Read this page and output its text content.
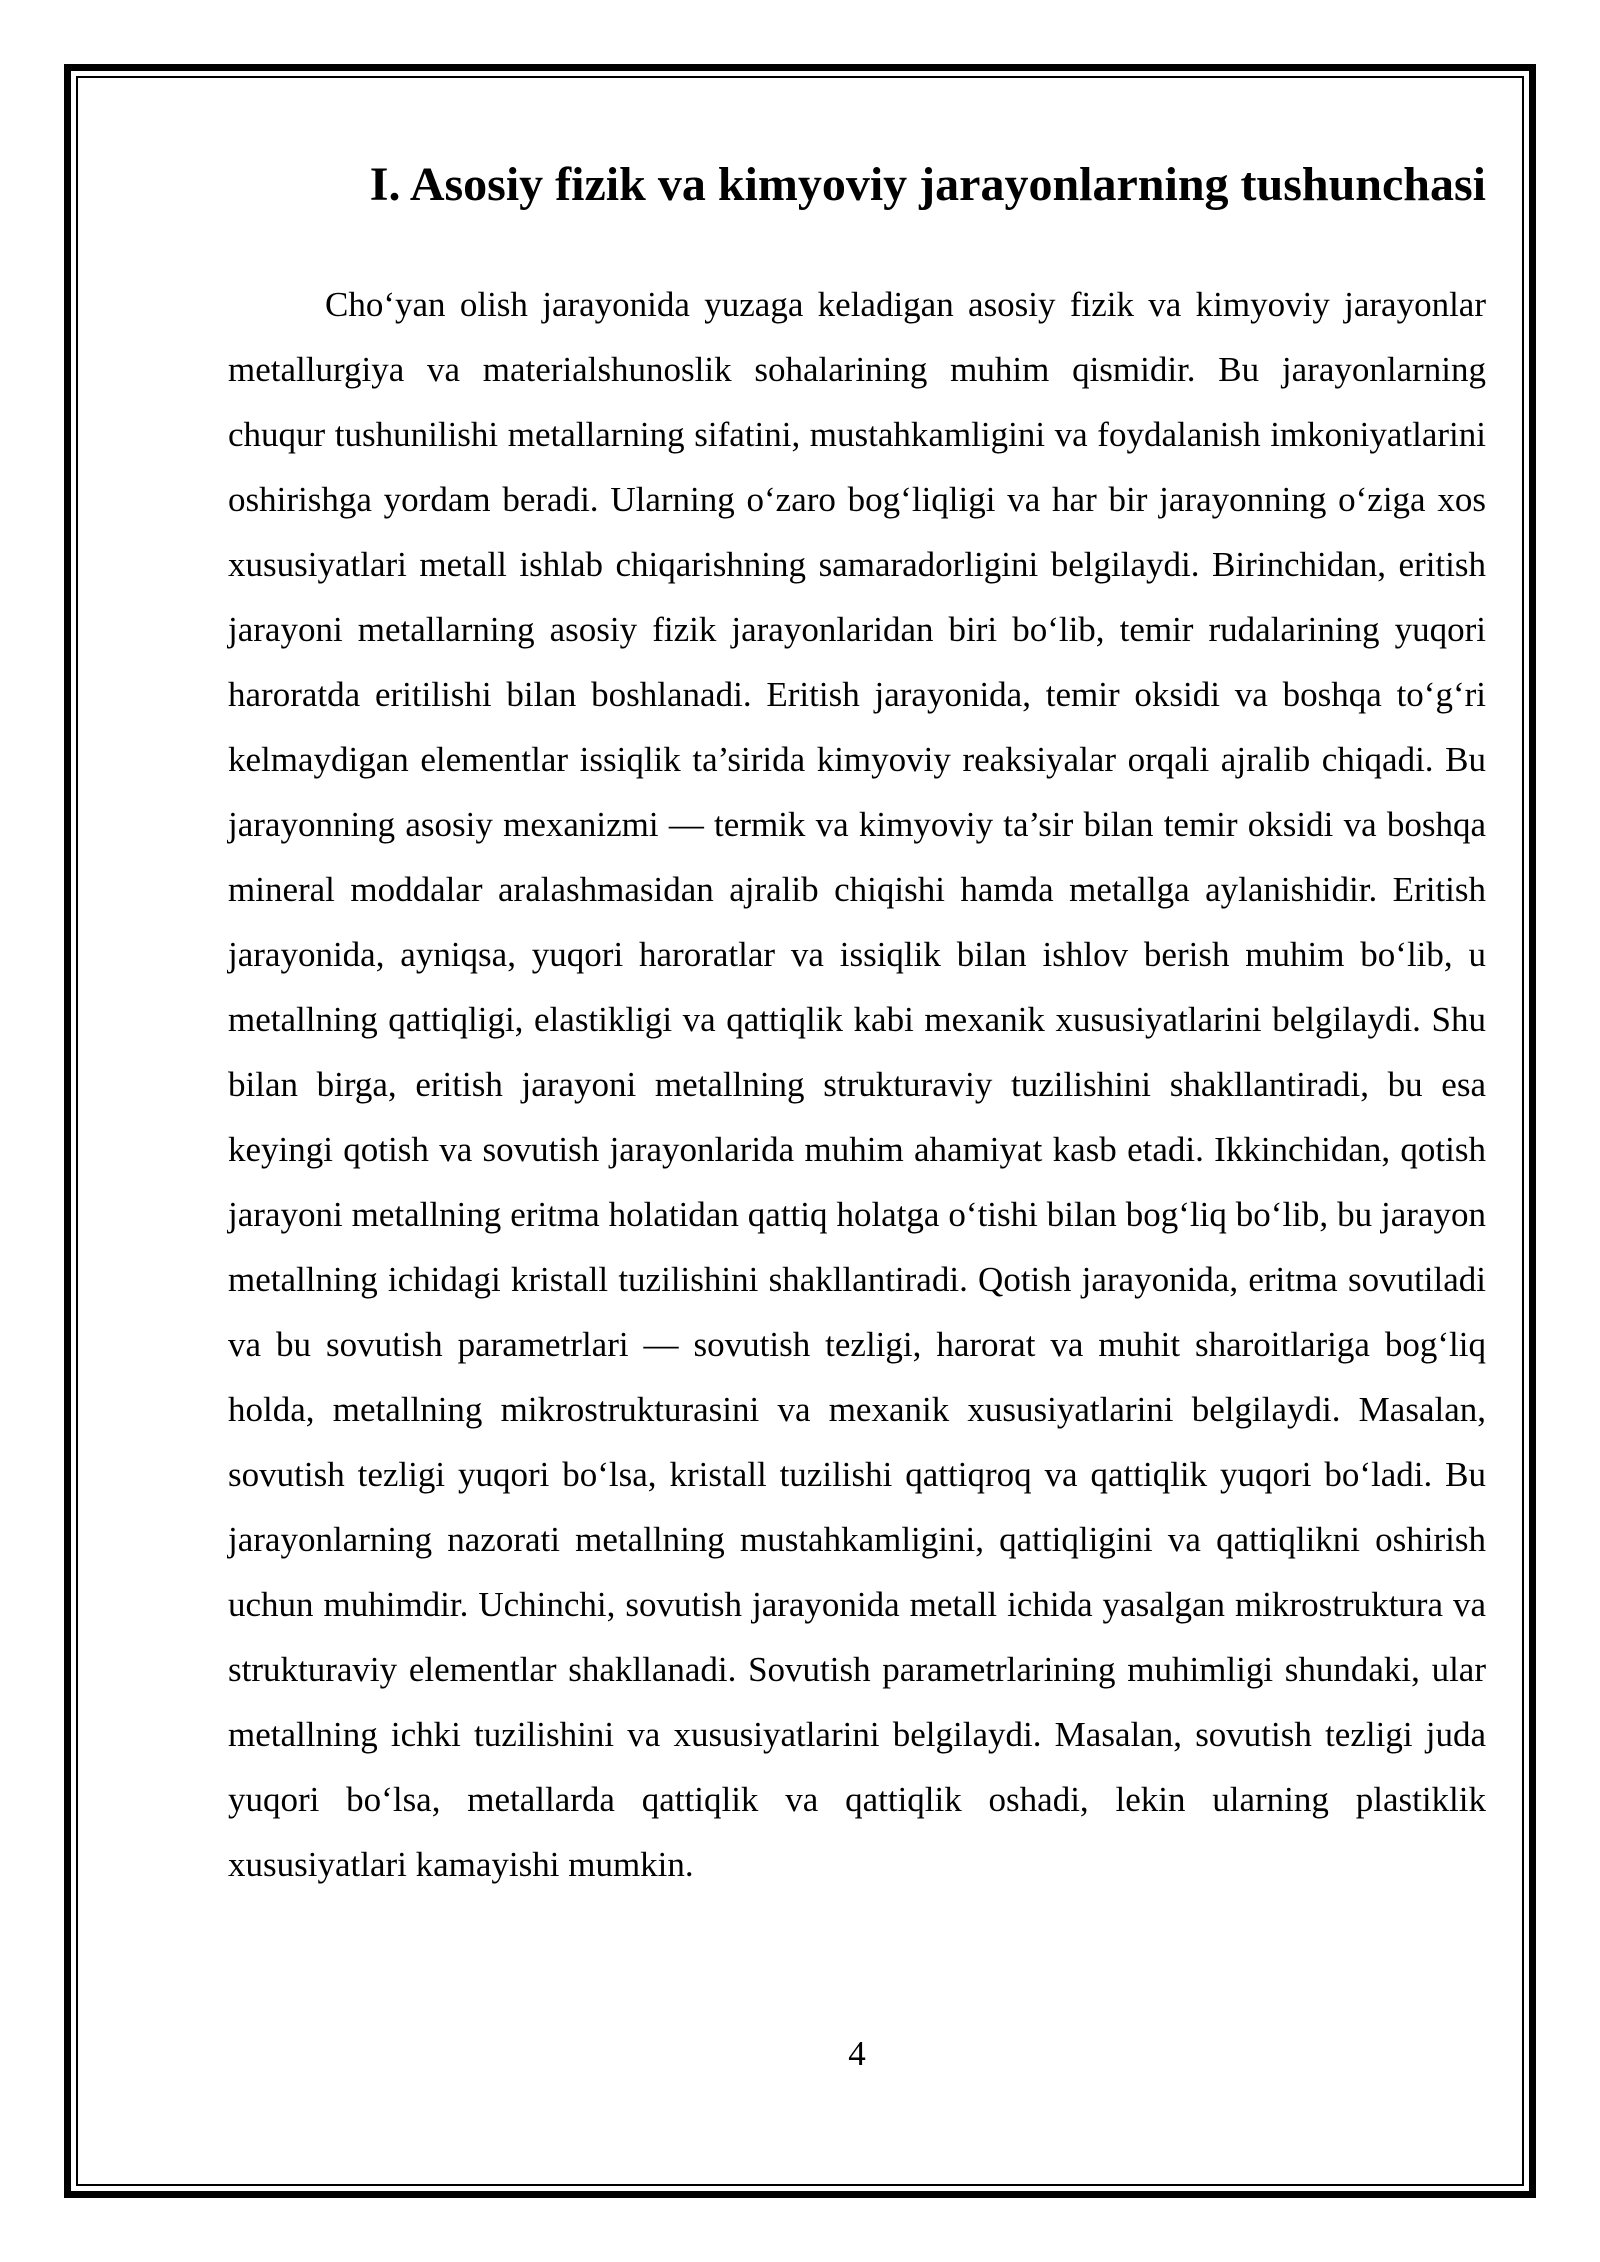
I. Asosiy fizik va kimyoviy jarayonlarning tushunchasi

Cho‘yan olish jarayonida yuzaga keladigan asosiy fizik va kimyoviy jarayonlar metallurgiya va materialshunoslik sohalarining muhim qismidir. Bu jarayonlarning chuqur tushunilishi metallarning sifatini, mustahkamligini va foydalanish imkoniyatlarini oshirishga yordam beradi. Ularning o‘zaro bog‘liqligi va har bir jarayonning o‘ziga xos xususiyatlari metall ishlab chiqarishning samaradorligini belgilaydi. Birinchidan, eritish jarayoni metallarning asosiy fizik jarayonlaridan biri bo‘lib, temir rudalarining yuqori haroratda eritilishi bilan boshlanadi. Eritish jarayonida, temir oksidi va boshqa to‘g‘ri kelmaydigan elementlar issiqlik ta’sirida kimyoviy reaksiyalar orqali ajralib chiqadi. Bu jarayonning asosiy mexanizmi — termik va kimyoviy ta’sir bilan temir oksidi va boshqa mineral moddalar aralashmasidan ajralib chiqishi hamda metallga aylanishidir. Eritish jarayonida, ayniqsa, yuqori haroratlar va issiqlik bilan ishlov berish muhim bo‘lib, u metallning qattiqligi, elastikligi va qattiqlik kabi mexanik xususiyatlarini belgilaydi. Shu bilan birga, eritish jarayoni metallning strukturaviy tuzilishini shakllantiradi, bu esa keyingi qotish va sovutish jarayonlarida muhim ahamiyat kasb etadi. Ikkinchidan, qotish jarayoni metallning eritma holatidan qattiq holatga o‘tishi bilan bog‘liq bo‘lib, bu jarayon metallning ichidagi kristall tuzilishini shakllantiradi. Qotish jarayonida, eritma sovutiladi va bu sovutish parametrlari — sovutish tezligi, harorat va muhit sharoitlariga bog‘liq holda, metallning mikrostrukturasini va mexanik xususiyatlarini belgilaydi. Masalan, sovutish tezligi yuqori bo‘lsa, kristall tuzilishi qattiqroq va qattiqlik yuqori bo‘ladi. Bu jarayonlarning nazorati metallning mustahkamligini, qattiqligini va qattiqlikni oshirish uchun muhimdir. Uchinchi, sovutish jarayonida metall ichida yasalgan mikrostruktura va strukturaviy elementlar shakllanadi. Sovutish parametrlarining muhimligi shundaki, ular metallning ichki tuzilishini va xususiyatlarini belgilaydi. Masalan, sovutish tezligi juda yuqori bo‘lsa, metallarda qattiqlik va qattiqlik oshadi, lekin ularning plastiklik xususiyatlari kamayishi mumkin.

4
